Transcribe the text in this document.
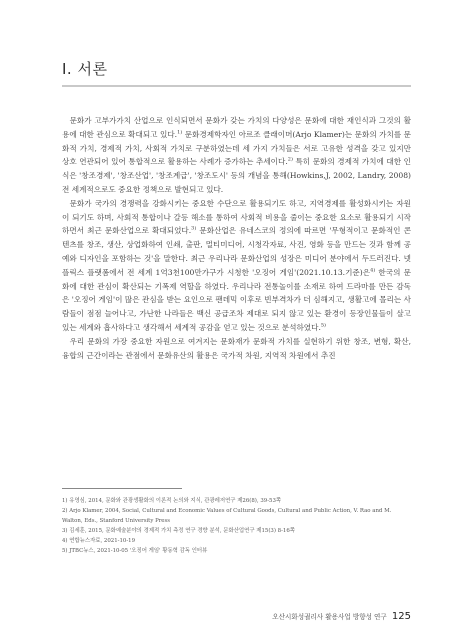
Ⅰ. 서론

문화가 고부가가치 산업으로 인식되면서 문화가 갖는 가치의 다양성은 문화에 대한 재인식과 그것의 활용에 대한 관심으로 확대되고 있다.$^{1)}$ 문화경제학자인 아르조 클래이머(Arjo Klamer)는 문화의 가치를 문화적 가치, 경제적 가치, 사회적 가치로 구분하였는데 세 가지 가치들은 서로 고유한 성격을 갖고 있지만 상호 연관되어 있어 통합적으로 활용하는 사례가 증가하는 추세이다.$^{2)}$ 특히 문화의 경제적 가치에 대한 인식은 '창조경제', '창조산업', '창조계급', '창조도시' 등의 개념을 통해(Howkins,J, 2002, Landry, 2008) 전 세계적으로도 중요한 정책으로 발현되고 있다.

문화가 국가의 경쟁력을 강화시키는 중요한 수단으로 활용되기도 하고, 지역경제를 활성화시키는 자원이 되기도 하며, 사회적 통합이나 갈등 해소를 통하여 사회적 비용을 줄이는 중요한 요소로 활용되기 시작하면서 최근 문화산업으로 확대되었다.$^{3)}$ 문화산업은 유네스코의 정의에 따르면 '무형적이고 문화적인 콘텐츠를 창조, 생산, 상업화하여 인쇄, 출판, 멀티미디어, 시청각자료, 사진, 영화 등을 만드는 것과 함께 공예와 디자인을 포함하는 것'을 말한다. 최근 우리나라 문화산업의 성장은 미디어 분야에서 두드러진다. 넷플릭스 플랫폼에서 전 세계 1억3천100만가구가 시청한 '오징어 게임'(2021.10.13.기준)은$^{4)}$ 한국의 문화에 대한 관심이 확산되는 기폭제 역할을 하였다. 우리나라 전통놀이를 소재로 하여 드라마를 만든 감독은 '오징어 게임'이 많은 관심을 받는 요인으로 팬데믹 이후로 빈부격차가 더 심해지고, 생활고에 몰리는 사람들이 점점 늘어나고, 가난한 나라들은 백신 공급조차 제대로 되지 않고 있는 환경이 등장인물들이 살고 있는 세계와 흡사하다고 생각해서 세계적 공감을 얻고 있는 것으로 분석하였다.$^{5)}$

우리 문화의 가장 중요한 자원으로 여겨지는 문화재가 문화적 가치를 실현하기 위한 창조, 변형, 확산, 융합의 근간이라는 관점에서 문화유산의 활용은 국가적 차원, 지역적 차원에서 추진

1) 유영심, 2014, 문화와 관광생활화의 이론적 논의와 지식, 관광레저연구 제26(8), 39-53쪽
2) Arjo Klamer, 2004, Social, Cultural and Economic Values of Cultural Goods, Cultural and Public Action, V. Rao and M. Walton, Eds., Stanford University Press
3) 김세훈, 2015, 문화예술분야의 경제적 가치 측정 연구 경향 분석, 문화산업연구 제15(3) 8-16쪽
4) 연합뉴스자료, 2021-10-19
5) JTBC뉴스, 2021-10-05 '오징어 게임' 황동혁 감독 인터뷰
오산시화성궐리사 활용사업 방향성 연구 125
